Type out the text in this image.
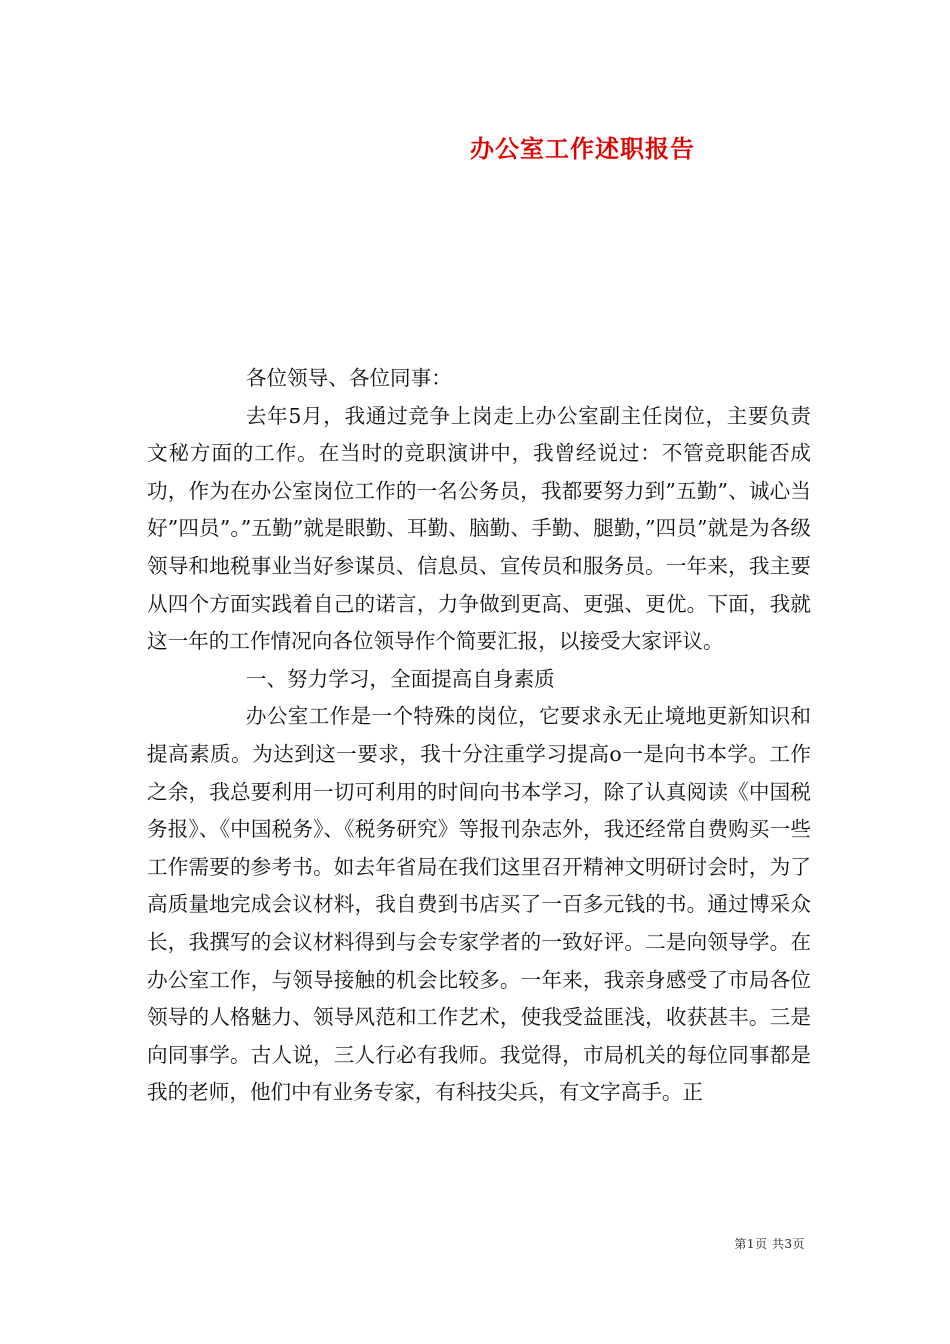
办公室工作述职报告

各位领导、各位同事：

去年5月，我通过竞争上岗走上办公室副主任岗位，主要负责文秘方面的工作。在当时的竞职演讲中，我曾经说过：不管竞职能否成功，作为在办公室岗位工作的一名公务员，我都要努力到”五勤”、诚心当好”四员”。”五勤”就是眼勤、耳勤、脑勤、手勤、腿勤，”四员”就是为各级领导和地税事业当好参谋员、信息员、宣传员和服务员。一年来，我主要从四个方面实践着自己的诺言，力争做到更高、更强、更优。下面，我就这一年的工作情况向各位领导作个简要汇报，以接受大家评议。

一、努力学习，全面提高自身素质

办公室工作是一个特殊的岗位，它要求永无止境地更新知识和提高素质。为达到这一要求，我十分注重学习提高ο一是向书本学。工作之余，我总要利用一切可利用的时间向书本学习，除了认真阅读《中国税务报》、《中国税务》、《税务研究》等报刊杂志外，我还经常自费购买一些工作需要的参考书。如去年省局在我们这里召开精神文明研讨会时，为了高质量地完成会议材料，我自费到书店买了一百多元钱的书。通过博采众长，我撰写的会议材料得到与会专家学者的一致好评。二是向领导学。在办公室工作，与领导接触的机会比较多。一年来，我亲身感受了市局各位领导的人格魅力、领导风范和工作艺术，使我受益匪浅，收获甚丰。三是向同事学。古人说，三人行必有我师。我觉得，市局机关的每位同事都是我的老师，他们中有业务专家，有科技尖兵，有文字高手。正

第1页 共3页
